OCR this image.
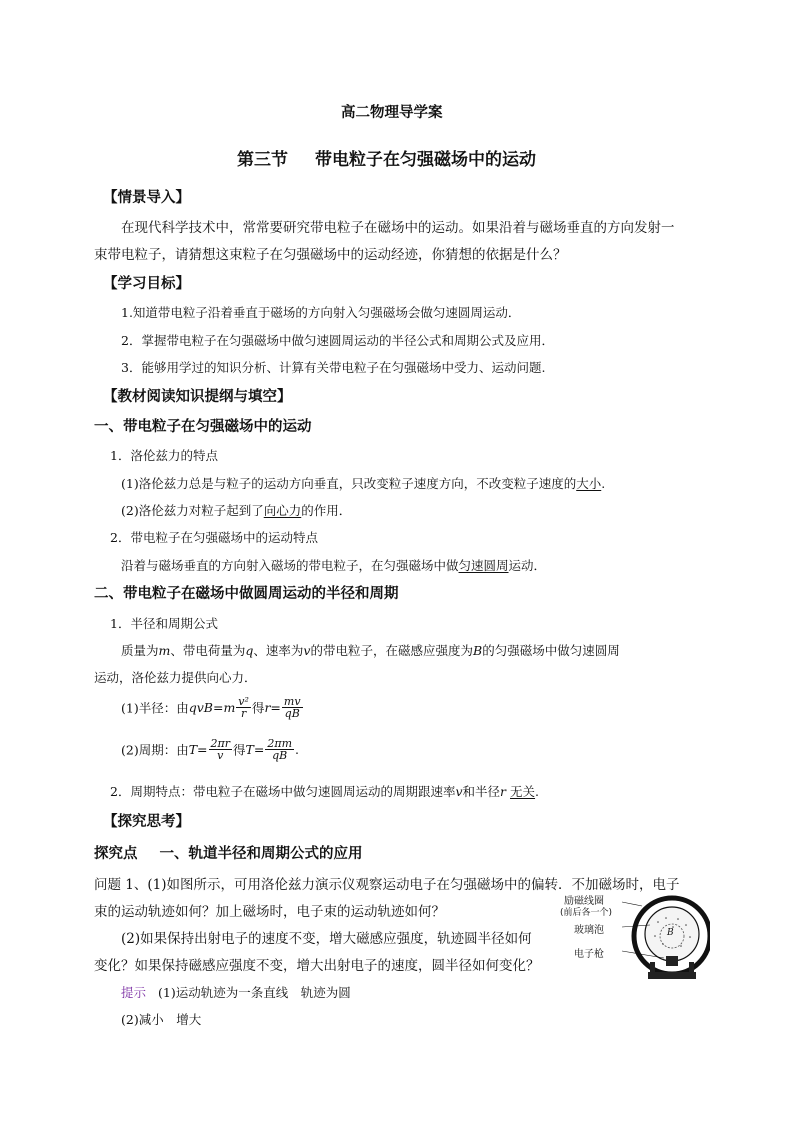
高二物理导学案
第三节 带电粒子在匀强磁场中的运动
【情景导入】
在现代科学技术中，常常要研究带电粒子在磁场中的运动。如果沿着与磁场垂直的方向发射一
束带电粒子，请猜想这束粒子在匀强磁场中的运动经迹，你猜想的依据是什么？
【学习目标】
1.知道带电粒子沿着垂直于磁场的方向射入匀强磁场会做匀速圆周运动．
2．掌握带电粒子在匀强磁场中做匀速圆周运动的半径公式和周期公式及应用．
3．能够用学过的知识分析、计算有关带电粒子在匀强磁场中受力、运动问题.
【教材阅读知识提纲与填空】
一、带电粒子在匀强磁场中的运动
1．洛伦兹力的特点
(1)洛伦兹力总是与粒子的运动方向垂直，只改变粒子速度方向，不改变粒子速度的大小.
(2)洛伦兹力对粒子起到了向心力的作用．
2．带电粒子在匀强磁场中的运动特点
沿着与磁场垂直的方向射入磁场的带电粒子，在匀强磁场中做匀速圆周运动．
二、带电粒子在磁场中做圆周运动的半径和周期
1．半径和周期公式
质量为m、带电荷量为q、速率为v的带电粒子，在磁感应强度为B的匀强磁场中做匀速圆周
运动，洛伦兹力提供向心力．
(1)半径：由$qvB=m \frac{\text{v²}}{r}$ 得$r= \frac{mv}{qB}$
(2)周期：由$T= \frac{2\pi r}{v}$ 得$T= \frac{2\pi m}{qB}$ .
2．周期特点：带电粒子在磁场中做匀速圆周运动的周期跟速率v和半径r 无关.
【探究思考】
探究点 一、轨道半径和周期公式的应用
问题 1、(1)如图所示，可用洛伦兹力演示仪观察运动电子在匀强磁场中的偏转．不加磁场时，电子
束的运动轨迹如何？加上磁场时，电子束的运动轨迹如何？
(2)如果保持出射电子的速度不变，增大磁感应强度，轨迹圆半径如何
变化？如果保持磁感应强度不变，增大出射电子的速度，圆半径如何变化？
提示 (1)运动轨迹为一条直线　轨迹为圆
(2)减小　增大
励磁线圈
(前后各一个)
玻璃泡
电子枪
B
